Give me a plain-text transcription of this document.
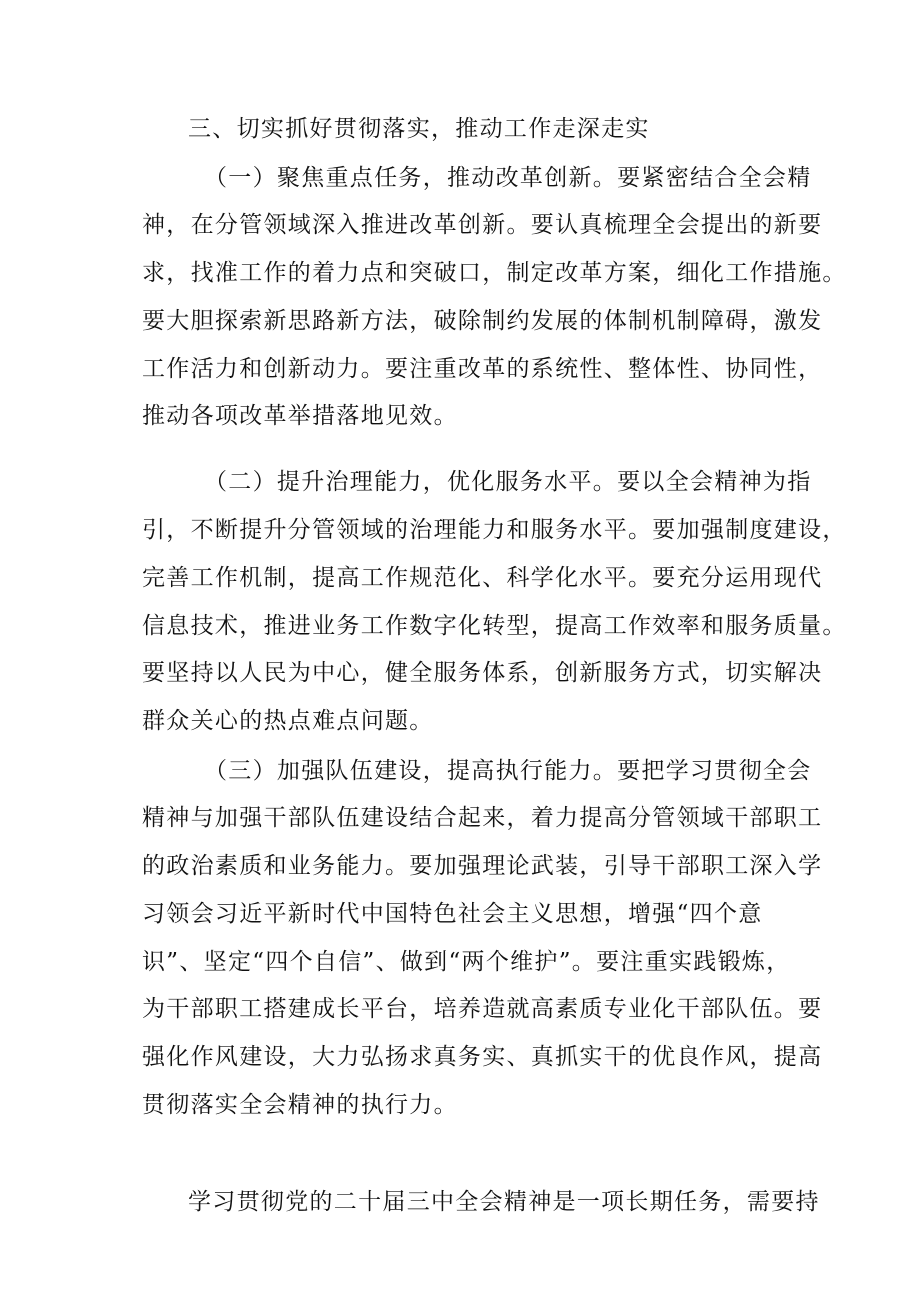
三、切实抓好贯彻落实，推动工作走深走实
（一）聚焦重点任务，推动改革创新。要紧密结合全会精
神，在分管领域深入推进改革创新。要认真梳理全会提出的新要
求，找准工作的着力点和突破口，制定改革方案，细化工作措施。
要大胆探索新思路新方法，破除制约发展的体制机制障碍，激发
工作活力和创新动力。要注重改革的系统性、整体性、协同性，
推动各项改革举措落地见效。
（二）提升治理能力，优化服务水平。要以全会精神为指
引，不断提升分管领域的治理能力和服务水平。要加强制度建设，
完善工作机制，提高工作规范化、科学化水平。要充分运用现代
信息技术，推进业务工作数字化转型，提高工作效率和服务质量。
要坚持以人民为中心，健全服务体系，创新服务方式，切实解决
群众关心的热点难点问题。
（三）加强队伍建设，提高执行能力。要把学习贯彻全会
精神与加强干部队伍建设结合起来，着力提高分管领域干部职工
的政治素质和业务能力。要加强理论武装，引导干部职工深入学
习领会习近平新时代中国特色社会主义思想，增强“四个意
识”、坚定“四个自信”、做到“两个维护”。要注重实践锻炼，
为干部职工搭建成长平台，培养造就高素质专业化干部队伍。要
强化作风建设，大力弘扬求真务实、真抓实干的优良作风，提高
贯彻落实全会精神的执行力。
学习贯彻党的二十届三中全会精神是一项长期任务，需要持
